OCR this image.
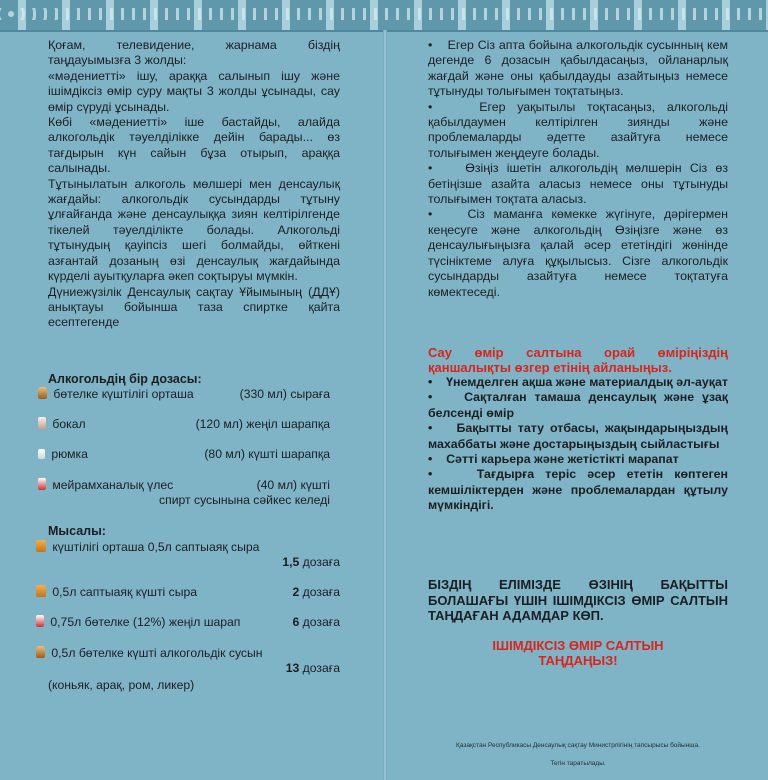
Қоғам, телевидение, жарнама біздің таңдауымызға 3 жолды:

«мәдениетті» ішу, араққа салынып ішу және ішімдіксіз өмір суру мақты 3 жолды ұсынады, сау өмір сүруді ұсынады.

Көбі «мәдениетті» іше бастайды, алайда алкогольдік тәуелділікке дейін барады... өз тағдырын күн сайын бұза отырып, араққа салынады.

Тұтынылатын алкоголь мөлшері мен денсаулық жағдайы: алкогольдік сусындарды тұтыну ұлғайғанда және денсаулыққа зиян келтірілгенде тікелей тәуелділікте болады. Алкогольді тұтынудың қауіпсіз шегі болмайды, өйткені азғантай дозаның өзі денсаулық жағдайында күрделі ауытқуларға әкеп соқтыруы мүмкін.

Дүниежүзілік Денсаулық сақтау Ұйымының (ДДҰ) анықтауы бойынша таза спиртке қайта есептегенде

Алкогольдің бір дозасы:
бөтелке күштілігі орташа	(330 мл) сыраға
бокал	(120 мл) жеңіл шарапқа
рюмка	(80 мл) күшті шарапқа
мейрамханалық үлес	(40 мл) күшті
спирт сусынына сәйкес келеді
Мысалы:
күштілігі орташа 0,5л саптыаяқ сыра
1,5 дозаға
0,5л саптыаяқ күшті сыра	2 дозаға
0,75л бөтелке (12%) жеңіл шарап	6 дозаға
0,5л бөтелке күшті алкогольдік сусын
13 дозаға
(коньяк, арақ, ром, ликер)

•    Егер Сіз апта бойына алкогольдік сусынның кем дегенде 6 дозасын қабылдасаңыз, ойланарлық жағдай және оны қабылдауды азайтыңыз немесе тұтынуды толығымен тоқтатыңыз.

•    Егер уақытылы тоқтасаңыз, алкогольді қабылдаумен келтірілген зиянды және проблемаларды әдетте азайтуға немесе толығымен жеңдеуге болады.

•    Өзіңіз ішетін алкогольдің мөлшерін Сіз өз бетіңізше азайта аласыз немесе оны тұтынуды толығымен тоқтата аласыз.

•    Сіз маманға көмекке жүгінуге, дәрігермен кеңесуге және алкогольдің Өзіңізге және өз денсаулығыңызға қалай әсер ететіндігі жөнінде түсініктеме алуға құқылысыз. Сізге алкогольдік сусындарды азайтуға немесе тоқтатуға көмектеседі.

Сау өмір салтына орай өміріңіздің қаншалықты өзгер етінің айланыңыз.

•    Үнемделген ақша және материалдық әл-ауқат

•    Сақталған тамаша денсаулық және ұзақ белсенді өмір

•    Бақытты тату отбасы, жақындарыңыздың махаббаты және достарыңыздың сыйластығы

•    Сәтті карьера және жетістікті марапат

•    Тағдырға теріс әсер ететін көптеген кемшіліктерден және проблемалардан құтылу мүмкіндігі.

БІЗДІҢ ЕЛІМІЗДЕ ӨЗІНІҢ БАҚЫТТЫ БОЛАШАҒЫ ҮШІН ІШІМДІКСІЗ ӨМІР САЛТЫН ТАҢДАҒАН АДАМДАР КӨП.

ІШІМДІКСІЗ ӨМІР САЛТЫН ТАҢДАҢЫЗ!

Қазақстан Республикасы Денсаулық сақтау Министрлігінің тапсырысы бойынша.
Тегін таратылады.
